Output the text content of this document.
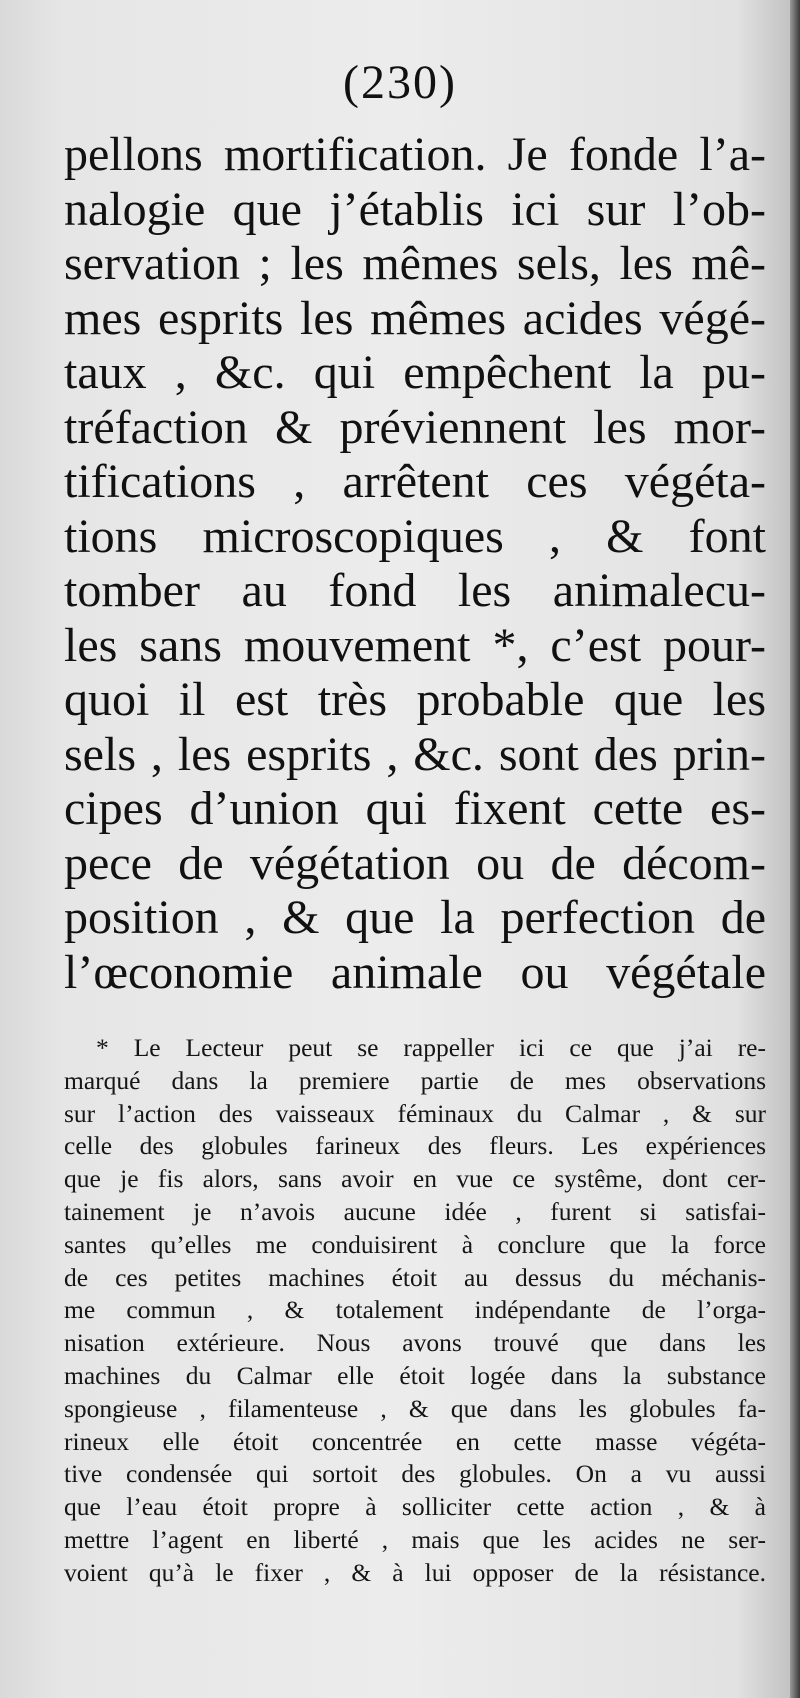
(230)
pellons mortification. Je fonde l’a-
nalogie que j’établis ici sur l’ob-
servation ; les mêmes sels, les mê-
mes esprits les mêmes acides végé-
taux , &c. qui empêchent la pu-
tréfaction & préviennent les mor-
tifications , arrêtent ces végéta-
tions microscopiques , & font
tomber au fond les animalecu-
les sans mouvement *, c’est pour-
quoi il est très probable que les
sels , les esprits , &c. sont des prin-
cipes d’union qui fixent cette es-
pece de végétation ou de décom-
position , & que la perfection de
l’œconomie animale ou végétale
* Le Lecteur peut se rappeller ici ce que j’ai re-
marqué dans la premiere partie de mes observations
sur l’action des vaisseaux féminaux du Calmar , & sur
celle des globules farineux des fleurs. Les expériences
que je fis alors, sans avoir en vue ce systême, dont cer-
tainement je n’avois aucune idée , furent si satisfai-
santes qu’elles me conduisirent à conclure que la force
de ces petites machines étoit au dessus du méchanis-
me commun , & totalement indépendante de l’orga-
nisation extérieure. Nous avons trouvé que dans les
machines du Calmar elle étoit logée dans la substance
spongieuse , filamenteuse , & que dans les globules fa-
rineux elle étoit concentrée en cette masse végéta-
tive condensée qui sortoit des globules. On a vu aussi
que l’eau étoit propre à solliciter cette action , & à
mettre l’agent en liberté , mais que les acides ne ser-
voient qu’à le fixer , & à lui opposer de la résistance.
